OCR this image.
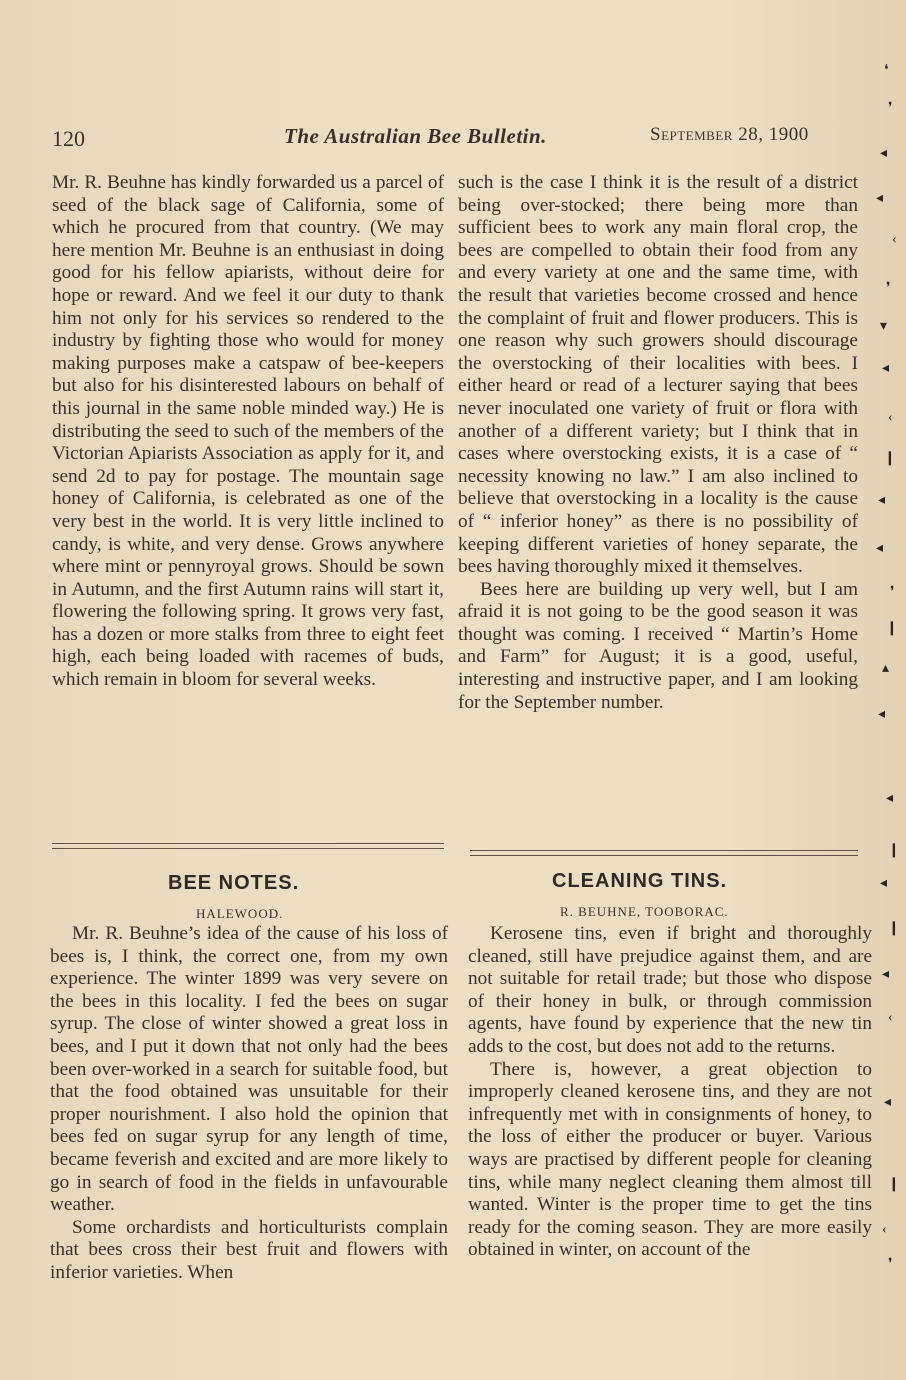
120	The Australian Bee Bulletin.	September 28, 1900

Mr. R. Beuhne has kindly forwarded us a parcel of seed of the black sage of California, some of which he procured from that country. (We may here mention Mr. Beuhne is an enthusiast in doing good for his fellow apiarists, without deire for hope or reward. And we feel it our duty to thank him not only for his services so rendered to the industry by fighting those who would for money making purposes make a catspaw of bee-keepers but also for his disinterested labours on behalf of this journal in the same noble minded way.) He is distributing the seed to such of the members of the Victorian Apiarists Association as apply for it, and send 2d to pay for postage. The mountain sage honey of California, is celebrated as one of the very best in the world. It is very little inclined to candy, is white, and very dense. Grows anywhere where mint or pennyroyal grows. Should be sown in Autumn, and the first Autumn rains will start it, flowering the following spring. It grows very fast, has a dozen or more stalks from three to eight feet high, each being loaded with racemes of buds, which remain in bloom for several weeks.

such is the case I think it is the result of a district being over-stocked; there being more than sufficient bees to work any main floral crop, the bees are compelled to obtain their food from any and every variety at one and the same time, with the result that varieties become crossed and hence the complaint of fruit and flower producers. This is one reason why such growers should discourage the overstocking of their localities with bees. I either heard or read of a lecturer saying that bees never inoculated one variety of fruit or flora with another of a different variety; but I think that in cases where overstocking exists, it is a case of “ necessity knowing no law.” I am also inclined to believe that overstocking in a locality is the cause of “ inferior honey” as there is no possibility of keeping different varieties of honey separate, the bees having thoroughly mixed it themselves.

Bees here are building up very well, but I am afraid it is not going to be the good season it was thought was coming. I received “ Martin’s Home and Farm” for August; it is a good, useful, interesting and instructive paper, and I am looking for the September number.

BEE NOTES.
HALEWOOD.

Mr. R. Beuhne’s idea of the cause of his loss of bees is, I think, the correct one, from my own experience. The winter 1899 was very severe on the bees in this locality. I fed the bees on sugar syrup. The close of winter showed a great loss in bees, and I put it down that not only had the bees been over-worked in a search for suitable food, but that the food obtained was unsuitable for their proper nourishment. I also hold the opinion that bees fed on sugar syrup for any length of time, became feverish and excited and are more likely to go in search of food in the fields in unfavourable weather.

Some orchardists and horticulturists complain that bees cross their best fruit and flowers with inferior varieties. When

CLEANING TINS.
R. BEUHNE, TOOBORAC.

Kerosene tins, even if bright and thoroughly cleaned, still have prejudice against them, and are not suitable for retail trade; but those who dispose of their honey in bulk, or through commission agents, have found by experience that the new tin adds to the cost, but does not add to the returns.

There is, however, a great objection to improperly cleaned kerosene tins, and they are not infrequently met with in consignments of honey, to the loss of either the producer or buyer. Various ways are practised by different people for cleaning tins, while many neglect cleaning them almost till wanted. Winter is the proper time to get the tins ready for the coming season. They are more easily obtained in winter, on account of the

❛
❜
◂
◂
‹
❜
▾
◂
‹
❙
◂
◂
❜
❙
▴
◂
◂
❙
◂
❙
◂
‹
◂
❙
‹
❜
